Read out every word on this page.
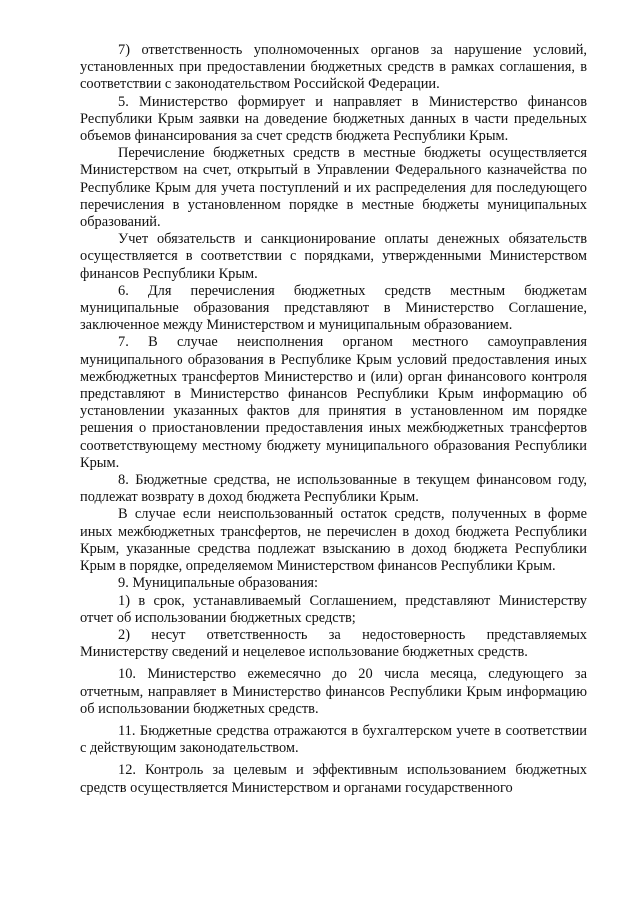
7) ответственность уполномоченных органов за нарушение условий, установленных при предоставлении бюджетных средств в рамках соглашения, в соответствии с законодательством Российской Федерации.

5. Министерство формирует и направляет в Министерство финансов Республики Крым заявки на доведение бюджетных данных в части предельных объемов финансирования за счет средств бюджета Республики Крым.

Перечисление бюджетных средств в местные бюджеты осуществляется Министерством на счет, открытый в Управлении Федерального казначейства по Республике Крым для учета поступлений и их распределения для последующего перечисления в установленном порядке в местные бюджеты муниципальных образований.

Учет обязательств и санкционирование оплаты денежных обязательств осуществляется в соответствии с порядками, утвержденными Министерством финансов Республики Крым.

6. Для перечисления бюджетных средств местным бюджетам муниципальные образования представляют в Министерство Соглашение, заключенное между Министерством и муниципальным образованием.

7. В случае неисполнения органом местного самоуправления муниципального образования в Республике Крым условий предоставления иных межбюджетных трансфертов Министерство и (или) орган финансового контроля представляют в Министерство финансов Республики Крым информацию об установлении указанных фактов для принятия в установленном им порядке решения о приостановлении предоставления иных межбюджетных трансфертов соответствующему местному бюджету муниципального образования Республики Крым.

8. Бюджетные средства, не использованные в текущем финансовом году, подлежат возврату в доход бюджета Республики Крым.

В случае если неиспользованный остаток средств, полученных в форме иных межбюджетных трансфертов, не перечислен в доход бюджета Республики Крым, указанные средства подлежат взысканию в доход бюджета Республики Крым в порядке, определяемом Министерством финансов Республики Крым.

9. Муниципальные образования:

1) в срок, устанавливаемый Соглашением, представляют Министерству отчет об использовании бюджетных средств;

2) несут ответственность за недостоверность представляемых Министерству сведений и нецелевое использование бюджетных средств.

10. Министерство ежемесячно до 20 числа месяца, следующего за отчетным, направляет в Министерство финансов Республики Крым информацию об использовании бюджетных средств.

11. Бюджетные средства отражаются в бухгалтерском учете в соответствии с действующим законодательством.

12. Контроль за целевым и эффективным использованием бюджетных средств осуществляется Министерством и органами государственного
